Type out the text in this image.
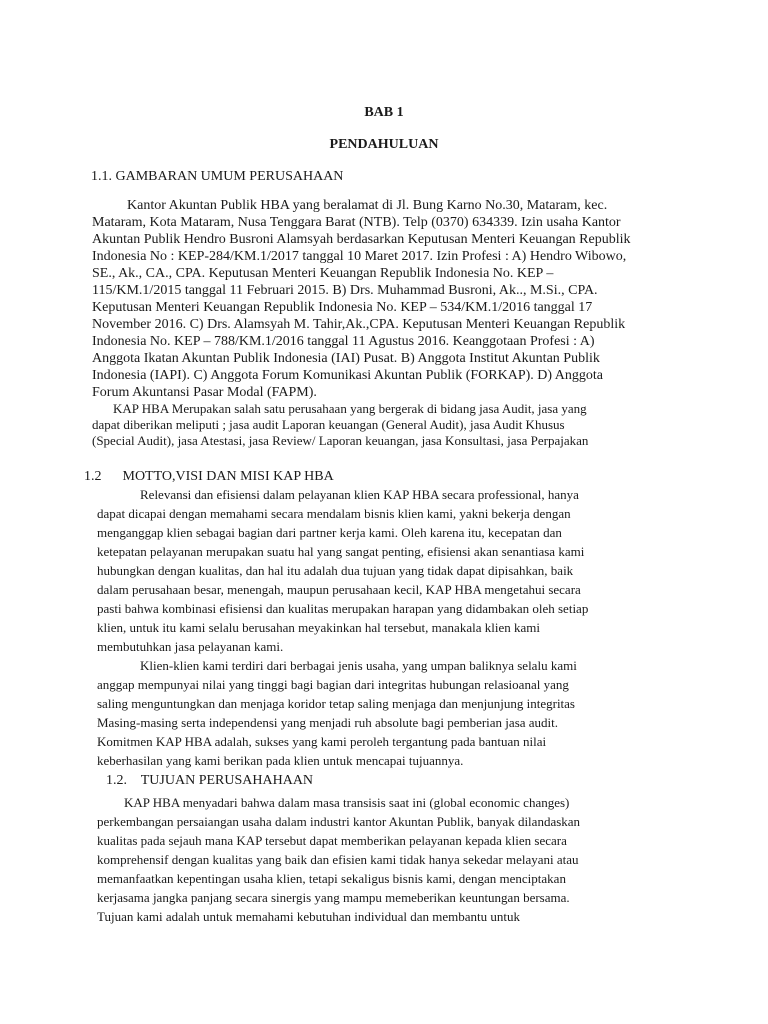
BAB 1
PENDAHULUAN
1.1. GAMBARAN UMUM PERUSAHAAN
Kantor Akuntan Publik HBA yang beralamat di Jl. Bung Karno No.30, Mataram, kec.
Mataram, Kota Mataram, Nusa Tenggara Barat (NTB). Telp (0370) 634339. Izin usaha Kantor
Akuntan Publik Hendro Busroni Alamsyah berdasarkan Keputusan Menteri Keuangan Republik
Indonesia No : KEP-284/KM.1/2017 tanggal 10 Maret 2017. Izin Profesi : A) Hendro Wibowo,
SE., Ak., CA., CPA. Keputusan Menteri Keuangan Republik Indonesia No. KEP –
115/KM.1/2015 tanggal 11 Februari 2015. B) Drs. Muhammad Busroni, Ak.., M.Si., CPA.
Keputusan Menteri Keuangan Republik Indonesia No. KEP – 534/KM.1/2016 tanggal 17
November 2016. C) Drs. Alamsyah M. Tahir,Ak.,CPA. Keputusan Menteri Keuangan Republik
Indonesia No. KEP – 788/KM.1/2016 tanggal 11 Agustus 2016. Keanggotaan Profesi : A)
Anggota Ikatan Akuntan Publik Indonesia (IAI) Pusat. B) Anggota Institut Akuntan Publik
Indonesia (IAPI). C) Anggota Forum Komunikasi Akuntan Publik (FORKAP). D) Anggota
Forum Akuntansi Pasar Modal (FAPM).
KAP HBA Merupakan salah satu perusahaan yang bergerak di bidang jasa Audit, jasa yang
dapat diberikan meliputi ; jasa audit Laporan keuangan (General Audit), jasa Audit Khusus
(Special Audit), jasa Atestasi, jasa Review/ Laporan keuangan, jasa Konsultasi, jasa Perpajakan
1.2      MOTTO,VISI DAN MISI KAP HBA
Relevansi dan efisiensi dalam pelayanan klien KAP HBA secara professional, hanya
dapat dicapai dengan memahami secara mendalam bisnis klien kami, yakni bekerja dengan
menganggap klien sebagai bagian dari partner kerja kami. Oleh karena itu, kecepatan dan
ketepatan pelayanan merupakan suatu hal yang sangat penting, efisiensi akan senantiasa kami
hubungkan dengan kualitas, dan hal itu adalah dua tujuan yang tidak dapat dipisahkan, baik
dalam perusahaan besar, menengah, maupun perusahaan kecil, KAP HBA mengetahui secara
pasti bahwa kombinasi efisiensi dan kualitas merupakan harapan yang didambakan oleh setiap
klien, untuk itu kami selalu berusahan meyakinkan hal tersebut, manakala klien kami
membutuhkan jasa pelayanan kami.
Klien-klien kami terdiri dari berbagai jenis usaha, yang umpan baliknya selalu kami
anggap mempunyai nilai yang tinggi bagi bagian dari integritas hubungan relasioanal yang
saling menguntungkan dan menjaga koridor tetap saling menjaga dan menjunjung integritas
Masing-masing serta independensi yang menjadi ruh absolute bagi pemberian jasa audit.
Komitmen KAP HBA adalah, sukses yang kami peroleh tergantung pada bantuan nilai
keberhasilan yang kami berikan pada klien untuk mencapai tujuannya.
1.2.    TUJUAN PERUSAHAHAAN
KAP HBA menyadari bahwa dalam masa transisis saat ini (global economic changes)
perkembangan persaiangan usaha dalam industri kantor Akuntan Publik, banyak dilandaskan
kualitas pada sejauh mana KAP tersebut dapat memberikan pelayanan kepada klien secara
komprehensif dengan kualitas yang baik dan efisien kami tidak hanya sekedar melayani atau
memanfaatkan kepentingan usaha klien, tetapi sekaligus bisnis kami, dengan menciptakan
kerjasama jangka panjang secara sinergis yang mampu memeberikan keuntungan bersama.
Tujuan kami adalah untuk memahami kebutuhan individual dan membantu untuk
